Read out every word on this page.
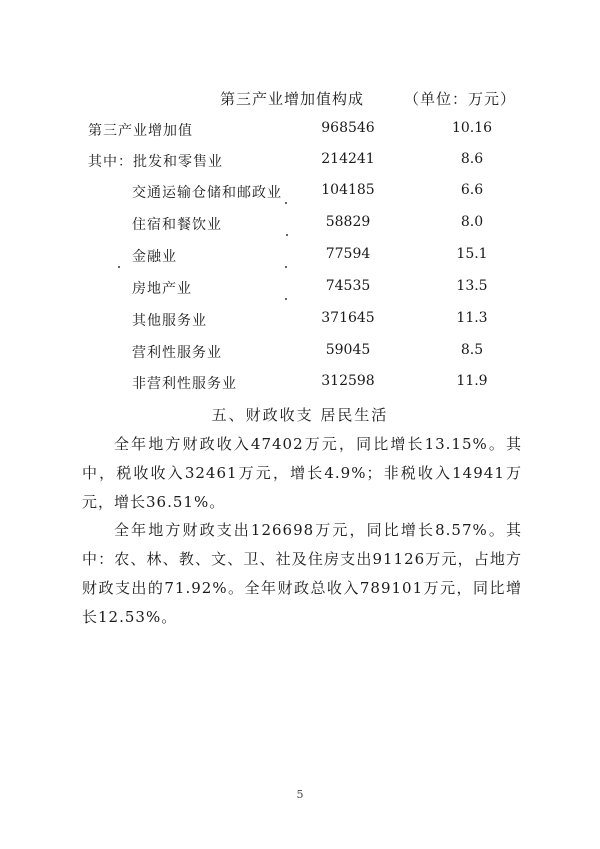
第三产业增加值构成	（单位：万元）
第三产业增加值	968546	10.16
其中：批发和零售业	214241	8.6
交通运输仓储和邮政业	104185	6.6
住宿和餐饮业	58829	8.0
金融业	77594	15.1
房地产业	74535	13.5
其他服务业	371645	11.3
营利性服务业	59045	8.5
非营利性服务业	312598	11.9
五、财政收支 居民生活

全年地方财政收入47402万元，同比增长13.15%。其中，税收收入32461万元，增长4.9%；非税收入14941万元，增长36.51%。

全年地方财政支出126698万元，同比增长8.57%。其中：农、林、教、文、卫、社及住房支出91126万元，占地方财政支出的71.92%。全年财政总收入789101万元，同比增长12.53%。

5
